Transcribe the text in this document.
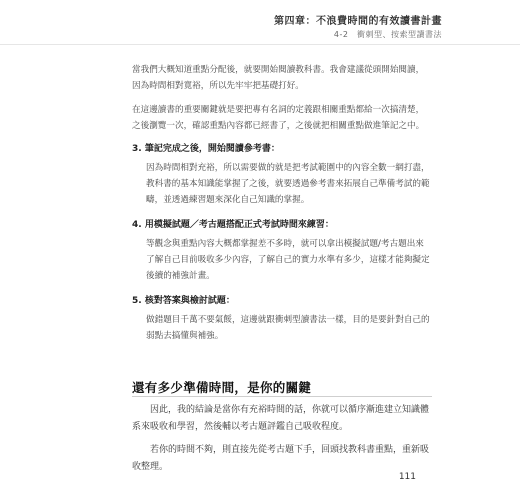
第四章：不浪費時間的有效讀書計畫
4-2　衝刺型、按索型讀書法

當我們大概知道重點分配後，就要開始閱讀教科書。我會建議從頭開始閱讀，因為時間相對寬裕，所以先牢牢把基礎打好。

在這邊讀書的重要關鍵就是要把專有名詞的定義跟相關重點都給一次搞清楚，之後瀏覽一次，確認重點內容都已經書了，之後就把相關重點做進筆記之中。

3. 筆記完成之後，開始閱讀參考書：
因為時間相對充裕，所以需要做的就是把考試範圍中的內容全數一網打盡，教科書的基本知識能掌握了之後，就要透過參考書來拓展自己準備考試的範疇，並透過練習題來深化自己知識的掌握。
4. 用模擬試題／考古題搭配正式考試時間來練習：
等觀念與重點內容大概都掌握差不多時，就可以拿出模擬試題/考古題出來了解自己目前吸收多少內容，了解自己的實力水準有多少，這樣才能夠擬定後續的補強計畫。
5. 核對答案與檢討試題：
做錯題目千萬不要氣餒，這邊就跟衝刺型讀書法一樣，目的是要針對自己的弱點去搞懂與補強。
還有多少準備時間，是你的關鍵

因此，我的結論是當你有充裕時間的話，你就可以循序漸進建立知識體系來吸收和學習，然後輔以考古題評鑑自己吸收程度。

若你的時間不夠，則直接先從考古題下手，回頭找教科書重點，重新吸收整理。

111
